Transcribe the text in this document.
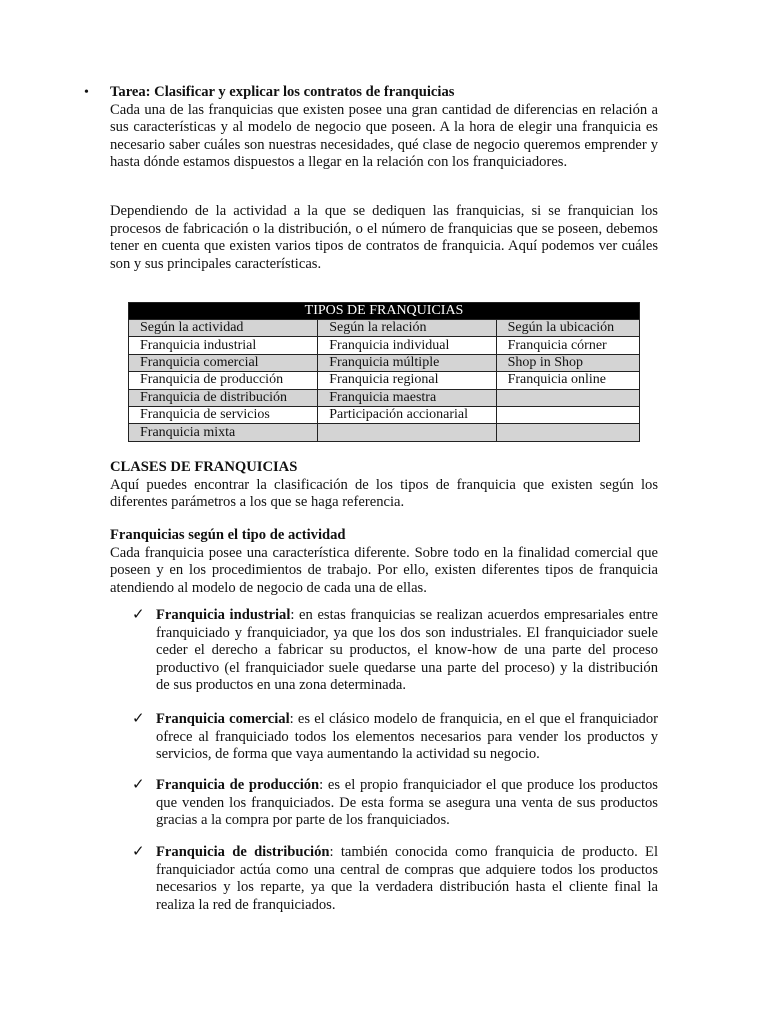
• Tarea: Clasificar y explicar los contratos de franquicias

Cada una de las franquicias que existen posee una gran cantidad de diferencias en relación a sus características y al modelo de negocio que poseen. A la hora de elegir una franquicia es necesario saber cuáles son nuestras necesidades, qué clase de negocio queremos emprender y hasta dónde estamos dispuestos a llegar en la relación con los franquiciadores.

Dependiendo de la actividad a la que se dediquen las franquicias, si se franquician los procesos de fabricación o la distribución, o el número de franquicias que se poseen, debemos tener en cuenta que existen varios tipos de contratos de franquicia. Aquí podemos ver cuáles son y sus principales características.

TIPOS DE FRANQUICIAS		
Según la actividad	Según la relación	Según la ubicación
Franquicia industrial	Franquicia individual	Franquicia córner
Franquicia comercial	Franquicia múltiple	Shop in Shop
Franquicia de producción	Franquicia regional	Franquicia online
Franquicia de distribución	Franquicia maestra	
Franquicia de servicios	Participación accionarial	
Franquicia mixta		

CLASES DE FRANQUICIAS

Aquí puedes encontrar la clasificación de los tipos de franquicia que existen según los diferentes parámetros a los que se haga referencia.

Franquicias según el tipo de actividad

Cada franquicia posee una característica diferente. Sobre todo en la finalidad comercial que poseen y en los procedimientos de trabajo. Por ello, existen diferentes tipos de franquicia atendiendo al modelo de negocio de cada una de ellas.

✓ Franquicia industrial: en estas franquicias se realizan acuerdos empresariales entre franquiciado y franquiciador, ya que los dos son industriales. El franquiciador suele ceder el derecho a fabricar su productos, el know-how de una parte del proceso productivo (el franquiciador suele quedarse una parte del proceso) y la distribución de sus productos en una zona determinada.

✓ Franquicia comercial: es el clásico modelo de franquicia, en el que el franquiciador ofrece al franquiciado todos los elementos necesarios para vender los productos y servicios, de forma que vaya aumentando la actividad su negocio.

✓ Franquicia de producción: es el propio franquiciador el que produce los productos que venden los franquiciados. De esta forma se asegura una venta de sus productos gracias a la compra por parte de los franquiciados.

✓ Franquicia de distribución: también conocida como franquicia de producto. El franquiciador actúa como una central de compras que adquiere todos los productos necesarios y los reparte, ya que la verdadera distribución hasta el cliente final la realiza la red de franquiciados.
